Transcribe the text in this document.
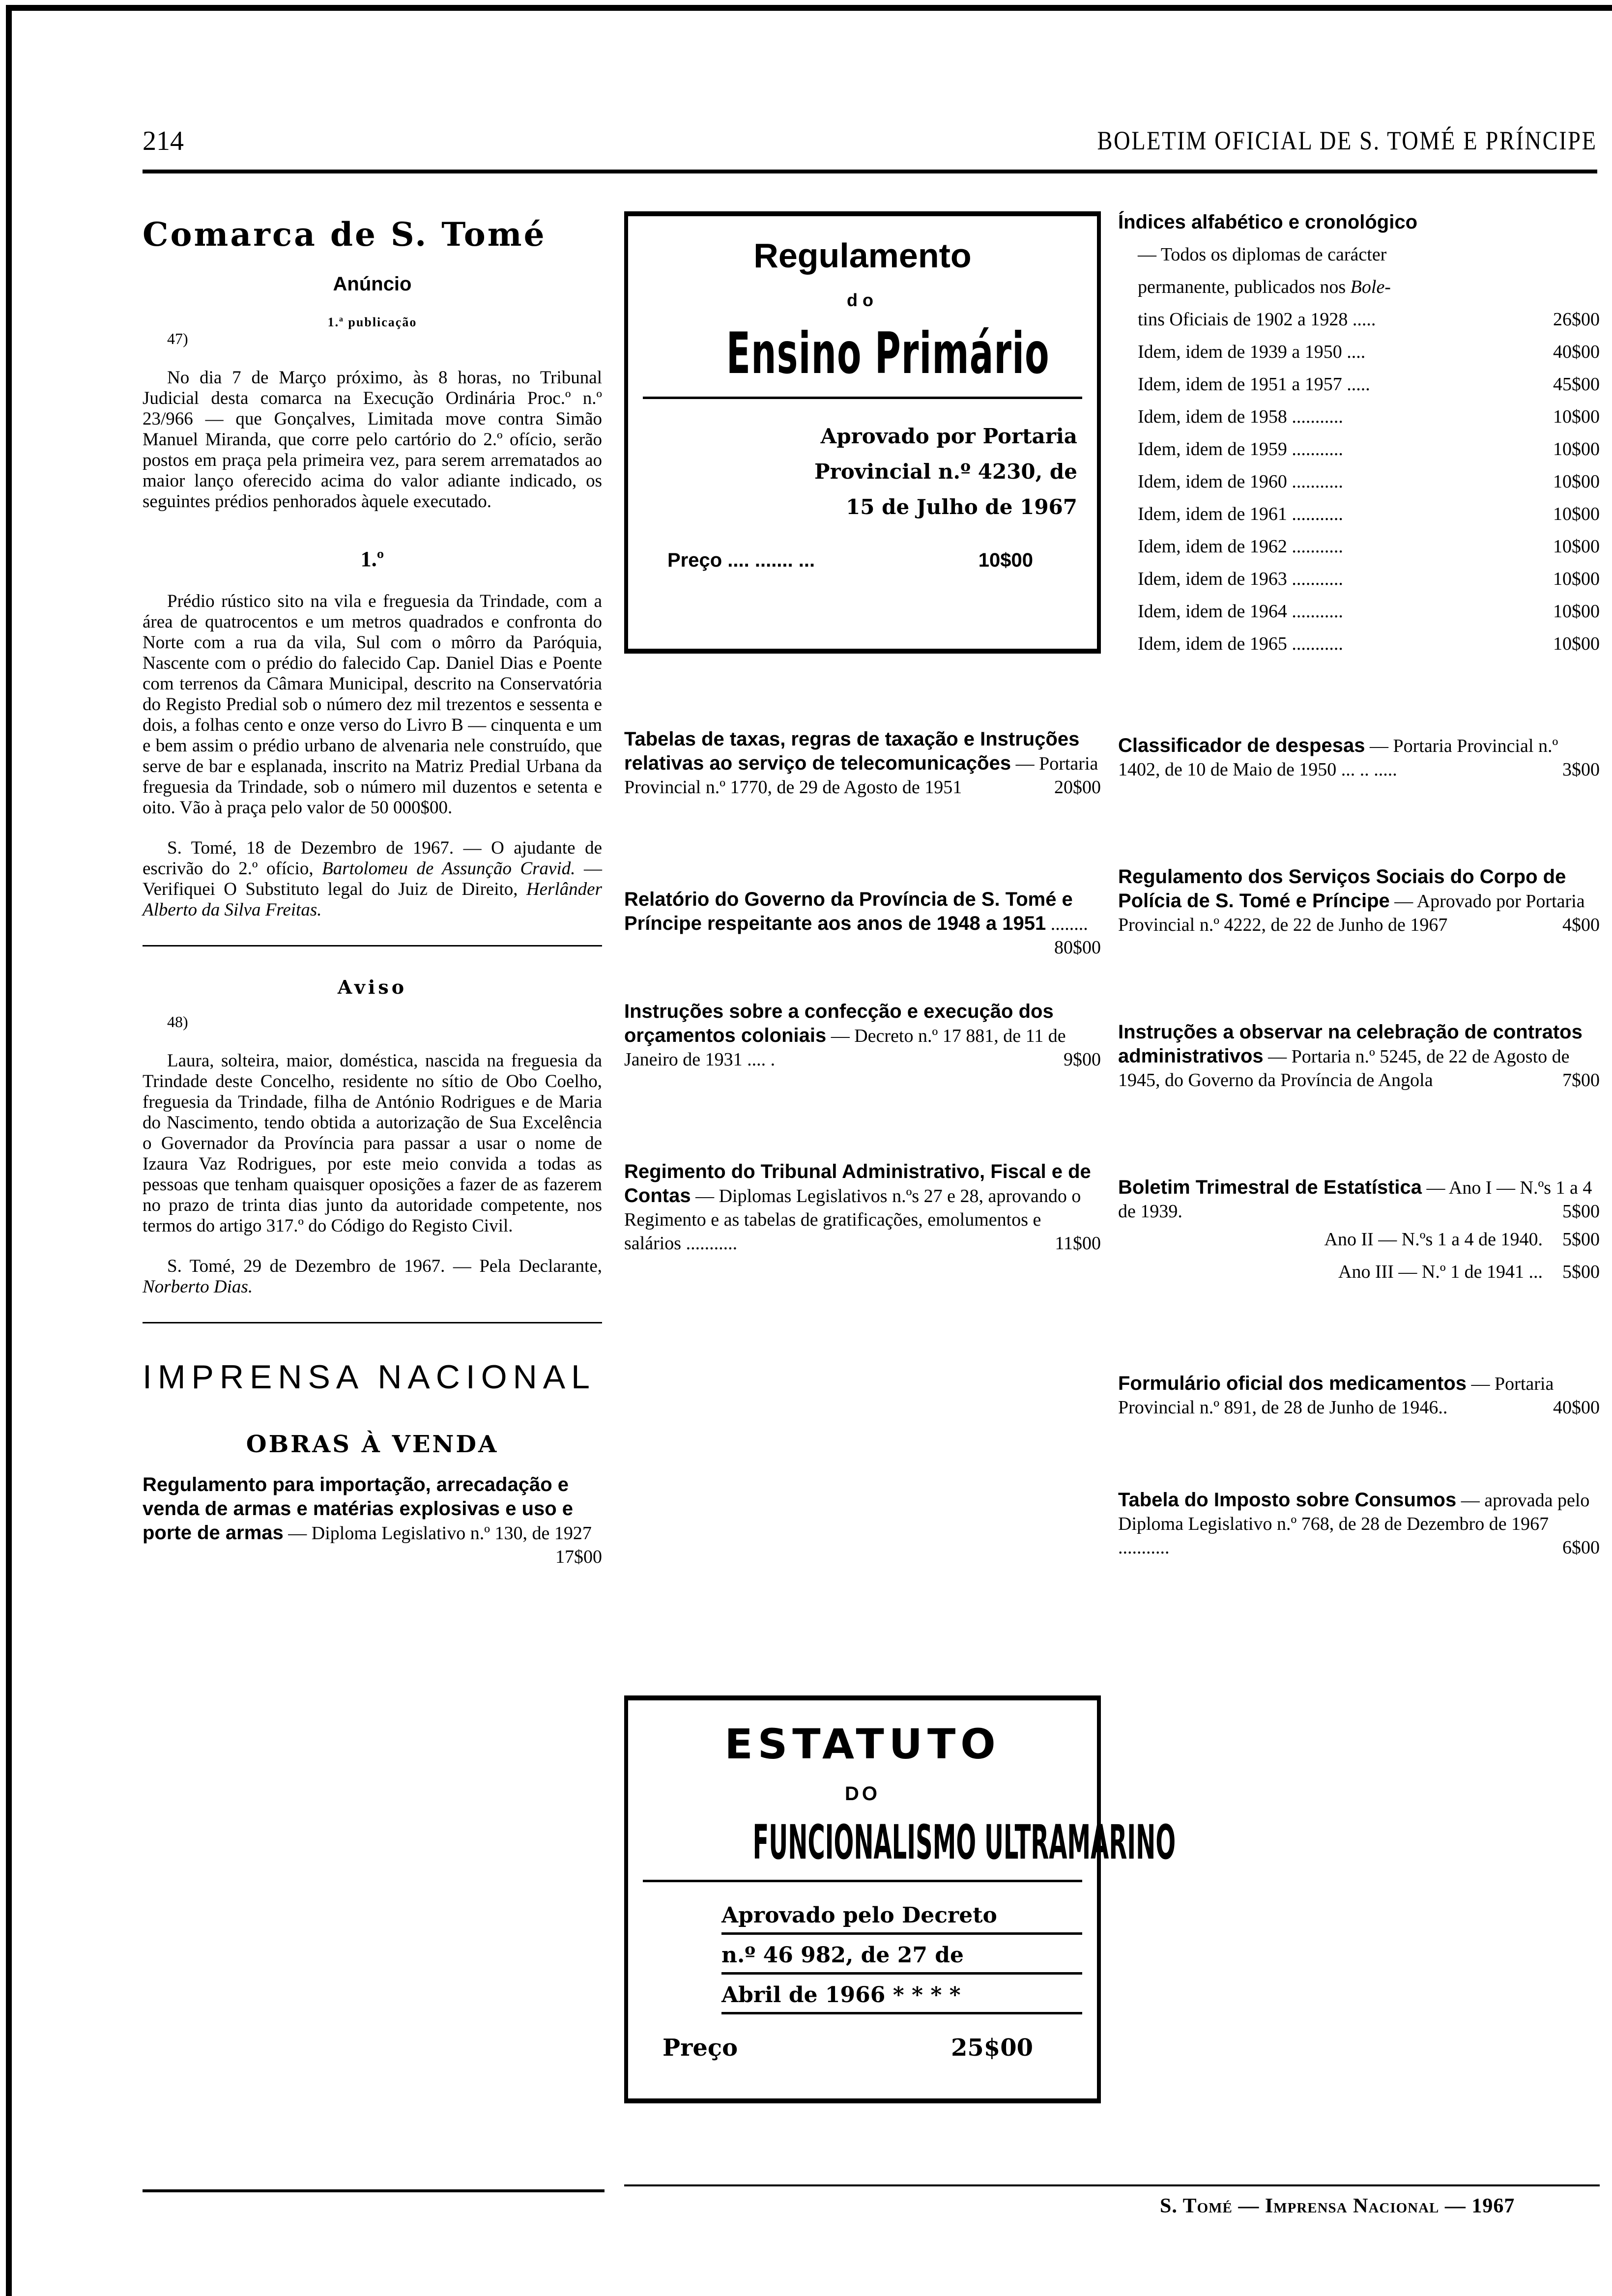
214	BOLETIM OFICIAL DE S. TOMÉ E PRÍNCIPE
Comarca de S. Tomé
Anúncio
1.ª publicação
47)
No dia 7 de Março próximo, às 8 horas, no Tribunal Judicial desta comarca na Execução Ordinária Proc.º n.º 23/966 — que Gonçalves, Limitada move contra Simão Manuel Miranda, que corre pelo cartório do 2.º ofício, serão postos em praça pela primeira vez, para serem arrematados ao maior lanço oferecido acima do valor adiante indicado, os seguintes prédios penhorados àquele executado.
1.º
Prédio rústico sito na vila e freguesia da Trindade, com a área de quatrocentos e um metros quadrados e confronta do Norte com a rua da vila, Sul com o môrro da Paróquia, Nascente com o prédio do falecido Cap. Daniel Dias e Poente com terrenos da Câmara Municipal, descrito na Conservatória do Registo Predial sob o número dez mil trezentos e sessenta e dois, a folhas cento e onze verso do Livro B — cinquenta e um e bem assim o prédio urbano de alvenaria nele construído, que serve de bar e esplanada, inscrito na Matriz Predial Urbana da freguesia da Trindade, sob o número mil duzentos e setenta e oito. Vão à praça pelo valor de 50 000$00.
S. Tomé, 18 de Dezembro de 1967. — O ajudante de escrivão do 2.º ofício, Bartolomeu de Assunção Cravid. — Verifiquei O Substituto legal do Juiz de Direito, Herlânder Alberto da Silva Freitas.
Aviso
48)
Laura, solteira, maior, doméstica, nascida na freguesia da Trindade deste Concelho, residente no sítio de Obo Coelho, freguesia da Trindade, filha de António Rodrigues e de Maria do Nascimento, tendo obtida a autorização de Sua Excelência o Governador da Província para passar a usar o nome de Izaura Vaz Rodrigues, por este meio convida a todas as pessoas que tenham quaisquer oposições a fazer de as fazerem no prazo de trinta dias junto da autoridade competente, nos termos do artigo 317.º do Código do Registo Civil.
S. Tomé, 29 de Dezembro de 1967. — Pela Declarante, Norberto Dias.
IMPRENSA NACIONAL
OBRAS À VENDA
Regulamento para importação, arrecadação e venda de armas e matérias explosivas e uso e porte de armas — Diploma Legislativo n.º 130, de 1927
17$00
Regulamento
do
Ensino Primário
Aprovado por Portaria
Provincial n.º 4230, de
15 de Julho de 1967
Preço .... ....... ...	10$00
Tabelas de taxas, regras de taxação e Instruções relativas ao serviço de telecomunicações — Portaria Provincial n.º 1770, de 29 de Agosto de 1951	20$00
Relatório do Governo da Província de S. Tomé e Príncipe respeitante aos anos de 1948 a 1951 ........
80$00
Instruções sobre a confecção e execução dos orçamentos coloniais — Decreto n.º 17 881, de 11 de Janeiro de 1931 .... .	9$00
Regimento do Tribunal Administrativo, Fiscal e de Contas — Diplomas Legislativos n.ºs 27 e 28, aprovando o Regimento e as tabelas de gratificações, emolumentos e salários ...........	11$00
ESTATUTO
DO
FUNCIONALISMO ULTRAMARINO
Aprovado pelo Decreto
n.º 46 982, de 27 de
Abril de 1966 * * * *
Preço	25$00
Índices alfabético e cronológico
— Todos os diplomas de carácter
permanente, publicados nos Bole-
tins Oficiais de 1902 a 1928 .....	26$00
Idem, idem de 1939 a 1950 ....	40$00
Idem, idem de 1951 a 1957 .....	45$00
Idem, idem de 1958 ...........	10$00
Idem, idem de 1959 ...........	10$00
Idem, idem de 1960 ...........	10$00
Idem, idem de 1961 ...........	10$00
Idem, idem de 1962 ...........	10$00
Idem, idem de 1963 ...........	10$00
Idem, idem de 1964 ...........	10$00
Idem, idem de 1965 ...........	10$00
Classificador de despesas — Portaria Provincial n.º 1402, de 10 de Maio de 1950 ... .. .....	3$00
Regulamento dos Serviços Sociais do Corpo de Polícia de S. Tomé e Príncipe — Aprovado por Portaria Provincial n.º 4222, de 22 de Junho de 1967	4$00
Instruções a observar na celebração de contratos administrativos — Portaria n.º 5245, de 22 de Agosto de 1945, do Governo da Província de Angola	7$00
Boletim Trimestral de Estatística — Ano I — N.ºs 1 a 4 de 1939.	5$00
Ano II — N.ºs 1 a 4 de 1940. 5$00
Ano III — N.º 1 de 1941 ... 5$00
Formulário oficial dos medicamentos — Portaria Provincial n.º 891, de 28 de Junho de 1946..	40$00
Tabela do Imposto sobre Consumos — aprovada pelo Diploma Legislativo n.º 768, de 28 de Dezembro de 1967 ...........	6$00
S. Tomé — Imprensa Nacional — 1967
